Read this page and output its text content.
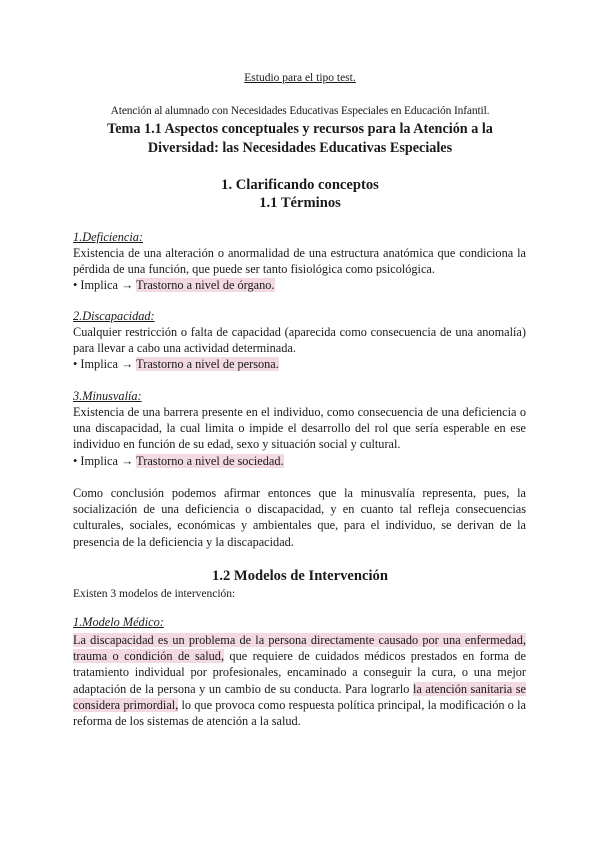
Estudio para el tipo test.
Atención al alumnado con Necesidades Educativas Especiales en Educación Infantil.
Tema 1.1 Aspectos conceptuales y recursos para la Atención a la
Diversidad: las Necesidades Educativas Especiales
1. Clarificando conceptos
1.1 Términos
1.Deficiencia:

Existencia de una alteración o anormalidad de una estructura anatómica que condiciona la pérdida de una función, que puede ser tanto fisiológica como psicológica.

• Implica → Trastorno a nivel de órgano.

2.Discapacidad:

Cualquier restricción o falta de capacidad (aparecida como consecuencia de una anomalía) para llevar a cabo una actividad determinada.

• Implica → Trastorno a nivel de persona.

3.Minusvalía:

Existencia de una barrera presente en el individuo, como consecuencia de una deficiencia o una discapacidad, la cual limita o impide el desarrollo del rol que sería esperable en ese individuo en función de su edad, sexo y situación social y cultural.

• Implica → Trastorno a nivel de sociedad.

Como conclusión podemos afirmar entonces que la minusvalía representa, pues, la socialización de una deficiencia o discapacidad, y en cuanto tal refleja consecuencias culturales, sociales, económicas y ambientales que, para el individuo, se derivan de la presencia de la deficiencia y la discapacidad.

1.2 Modelos de Intervención
Existen 3 modelos de intervención:
1.Modelo Médico:

La discapacidad es un problema de la persona directamente causado por una enfermedad, trauma o condición de salud, que requiere de cuidados médicos prestados en forma de tratamiento individual por profesionales, encaminado a conseguir la cura, o una mejor adaptación de la persona y un cambio de su conducta. Para lograrlo la atención sanitaria se considera primordial, lo que provoca como respuesta política principal, la modificación o la reforma de los sistemas de atención a la salud.
